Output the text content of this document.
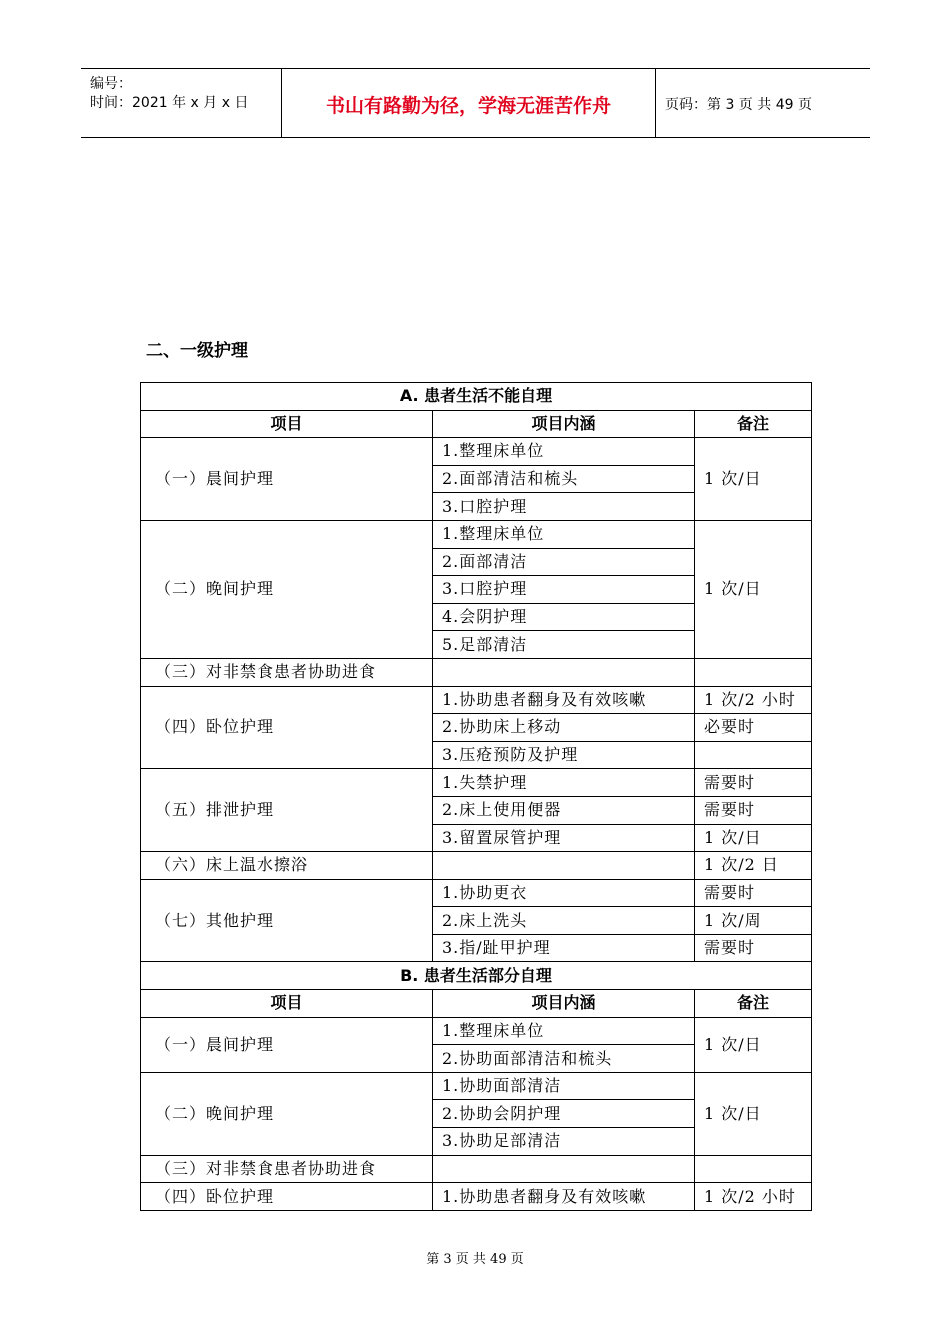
编号：
时间：2021 年 x 月 x 日	书山有路勤为径，学海无涯苦作舟	页码：第 3 页 共 49 页
二、一级护理
A. 患者生活不能自理		
项目	项目内涵	备注
（一）晨间护理	1.整理床单位	1 次/日
	2.面部清洁和梳头	
	3.口腔护理	
（二）晚间护理	1.整理床单位	1 次/日
	2.面部清洁	
	3.口腔护理	
	4.会阴护理	
	5.足部清洁	
（三）对非禁食患者协助进食		
（四）卧位护理	1.协助患者翻身及有效咳嗽	1 次/2 小时
	2.协助床上移动	必要时
	3.压疮预防及护理	
（五）排泄护理	1.失禁护理	需要时
	2.床上使用便器	需要时
	3.留置尿管护理	1 次/日
（六）床上温水擦浴		1 次/2 日
（七）其他护理	1.协助更衣	需要时
	2.床上洗头	1 次/周
	3.指/趾甲护理	需要时
B. 患者生活部分自理		
项目	项目内涵	备注
（一）晨间护理	1.整理床单位	1 次/日
	2.协助面部清洁和梳头	
（二）晚间护理	1.协助面部清洁	1 次/日
	2.协助会阴护理	
	3.协助足部清洁	
（三）对非禁食患者协助进食		
（四）卧位护理	1.协助患者翻身及有效咳嗽	1 次/2 小时
第 3 页 共 49 页
